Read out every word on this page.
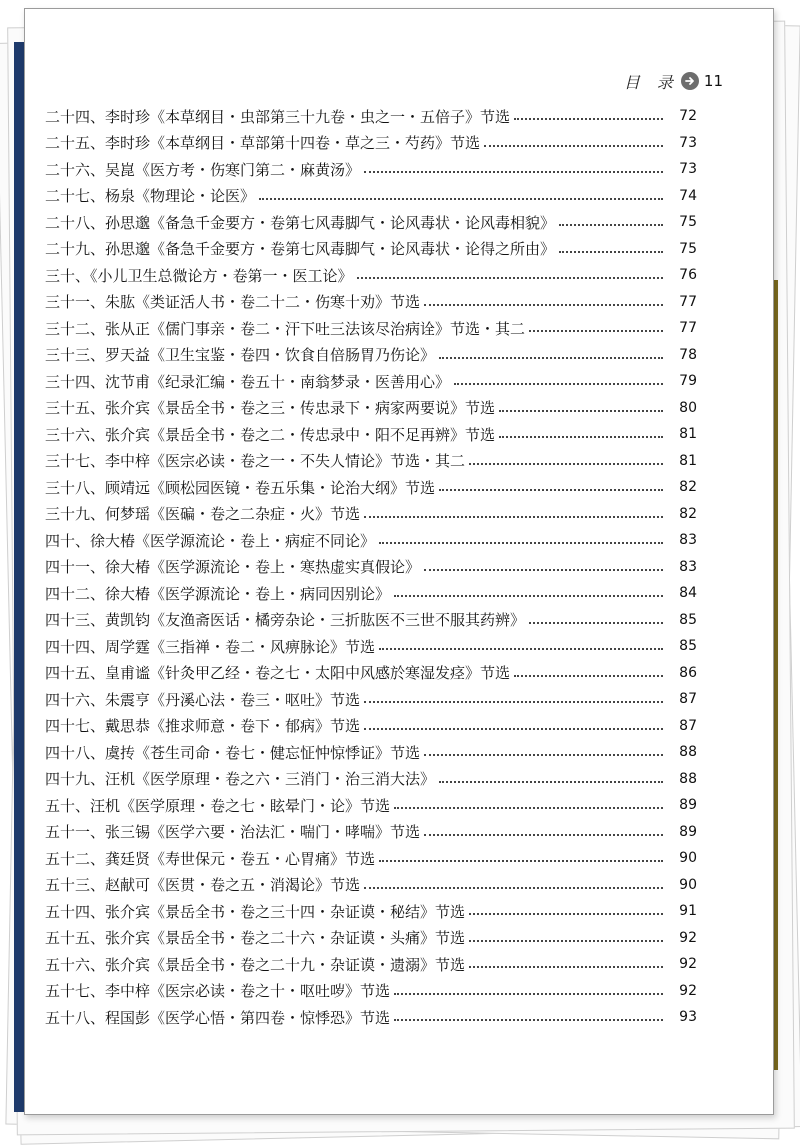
目 录 11
二十四、李时珍《本草纲目・虫部第三十九卷・虫之一・五倍子》节选	72
二十五、李时珍《本草纲目・草部第十四卷・草之三・芍药》节选	73
二十六、吴崑《医方考・伤寒门第二・麻黄汤》	73
二十七、杨泉《物理论・论医》	74
二十八、孙思邈《备急千金要方・卷第七风毒脚气・论风毒状・论风毒相貌》	75
二十九、孙思邈《备急千金要方・卷第七风毒脚气・论风毒状・论得之所由》	75
三十、《小儿卫生总微论方・卷第一・医工论》	76
三十一、朱肱《类证活人书・卷二十二・伤寒十劝》节选	77
三十二、张从正《儒门事亲・卷二・汗下吐三法该尽治病诠》节选・其二	77
三十三、罗天益《卫生宝鉴・卷四・饮食自倍肠胃乃伤论》	78
三十四、沈节甫《纪录汇编・卷五十・南翁梦录・医善用心》	79
三十五、张介宾《景岳全书・卷之三・传忠录下・病家两要说》节选	80
三十六、张介宾《景岳全书・卷之二・传忠录中・阳不足再辨》节选	81
三十七、李中梓《医宗必读・卷之一・不失人情论》节选・其二	81
三十八、顾靖远《顾松园医镜・卷五乐集・论治大纲》节选	82
三十九、何梦瑶《医碥・卷之二杂症・火》节选	82
四十、徐大椿《医学源流论・卷上・病症不同论》	83
四十一、徐大椿《医学源流论・卷上・寒热虚实真假论》	83
四十二、徐大椿《医学源流论・卷上・病同因别论》	84
四十三、黄凯钧《友渔斋医话・橘旁杂论・三折肱医不三世不服其药辨》	85
四十四、周学霆《三指禅・卷二・风痹脉论》节选	85
四十五、皇甫谧《针灸甲乙经・卷之七・太阳中风感於寒湿发痉》节选	86
四十六、朱震亨《丹溪心法・卷三・呕吐》节选	87
四十七、戴思恭《推求师意・卷下・郁病》节选	87
四十八、虞抟《苍生司命・卷七・健忘怔忡惊悸证》节选	88
四十九、汪机《医学原理・卷之六・三消门・治三消大法》	88
五十、汪机《医学原理・卷之七・眩晕门・论》节选	89
五十一、张三锡《医学六要・治法汇・喘门・哮喘》节选	89
五十二、龚廷贤《寿世保元・卷五・心胃痛》节选	90
五十三、赵献可《医贯・卷之五・消渴论》节选	90
五十四、张介宾《景岳全书・卷之三十四・杂证谟・秘结》节选	91
五十五、张介宾《景岳全书・卷之二十六・杂证谟・头痛》节选	92
五十六、张介宾《景岳全书・卷之二十九・杂证谟・遗溺》节选	92
五十七、李中梓《医宗必读・卷之十・呕吐哕》节选	92
五十八、程国彭《医学心悟・第四卷・惊悸恐》节选	93
